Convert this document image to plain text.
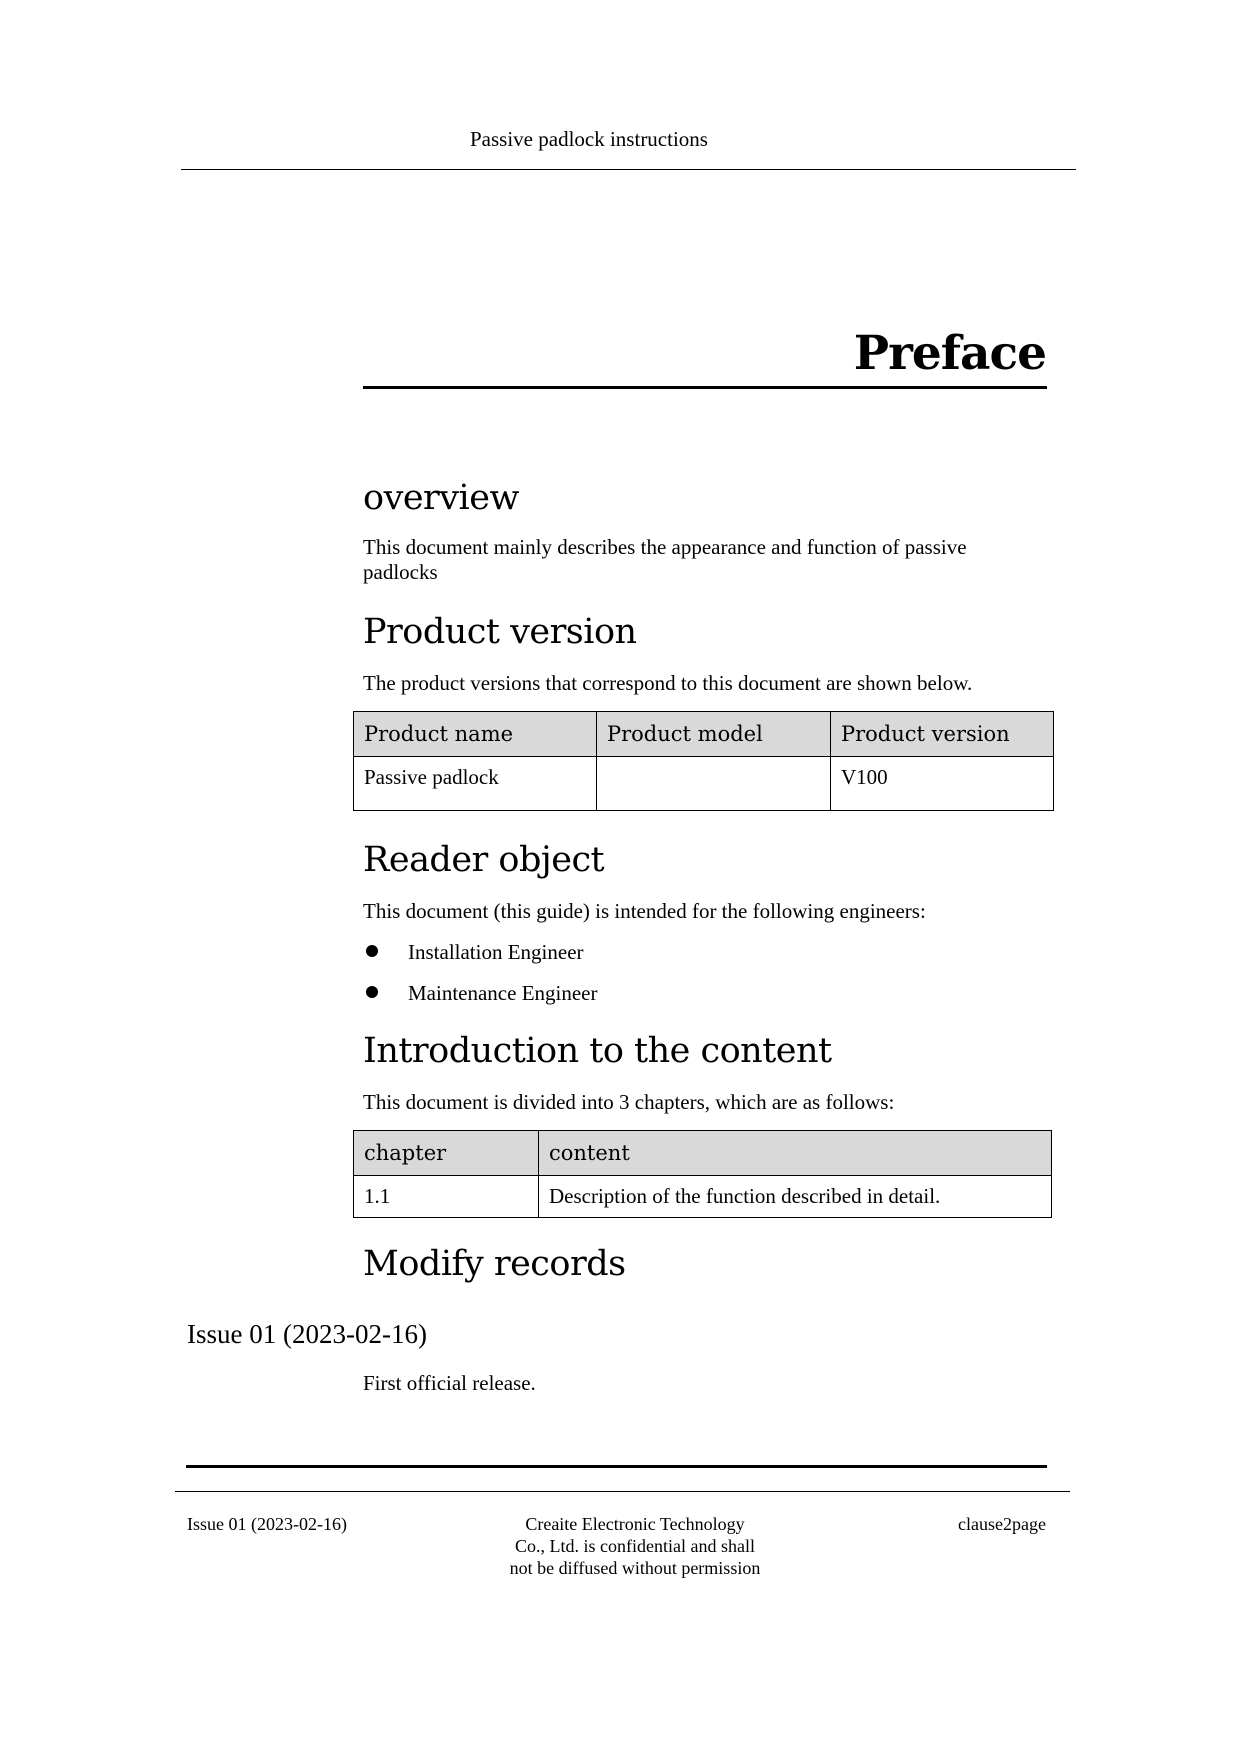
Passive padlock instructions
Preface
overview
This document mainly describes the appearance and function of passive padlocks
Product version
The product versions that correspond to this document are shown below.
Product name	Product model	Product version
Passive padlock		V100
Reader object
This document (this guide) is intended for the following engineers:
Installation Engineer
Maintenance Engineer
Introduction to the content
This document is divided into 3 chapters, which are as follows:
chapter	content
1.1	Description of the function described in detail.
Modify records
Issue 01 (2023-02-16)
First official release.
Issue 01 (2023-02-16)	Creaite Electronic Technology
Co., Ltd. is confidential and shall
not be diffused without permission
clause2page
